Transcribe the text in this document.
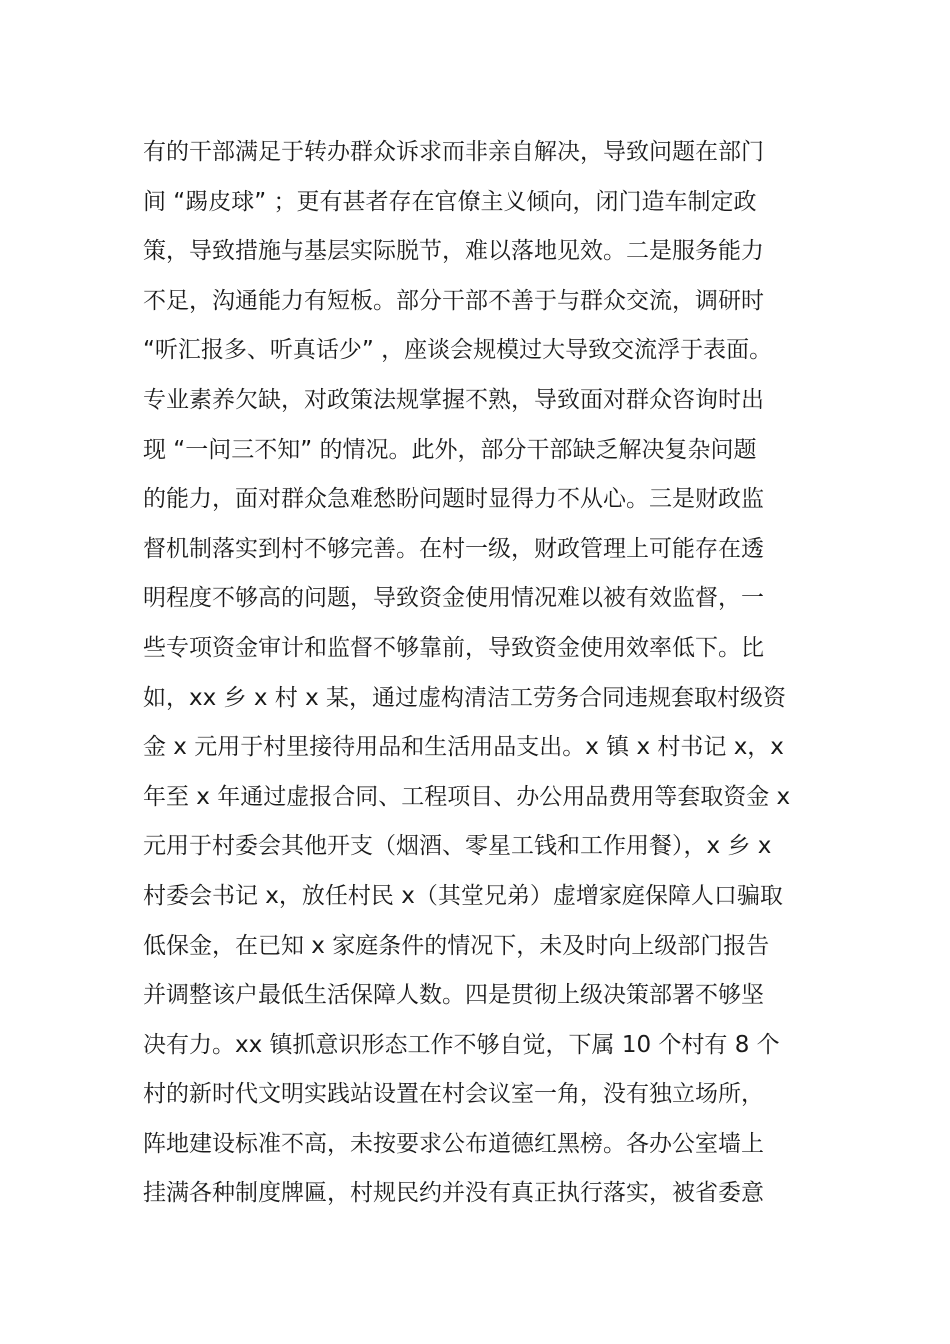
有的干部满足于转办群众诉求而非亲自解决，导致问题在部门
间 “踢皮球” ；更有甚者存在官僚主义倾向，闭门造车制定政
策，导致措施与基层实际脱节，难以落地见效。二是服务能力
不足，沟通能力有短板。部分干部不善于与群众交流，调研时
“听汇报多、听真话少” ，座谈会规模过大导致交流浮于表面。
专业素养欠缺，对政策法规掌握不熟，导致面对群众咨询时出
现 “一问三不知” 的情况。此外，部分干部缺乏解决复杂问题
的能力，面对群众急难愁盼问题时显得力不从心。三是财政监
督机制落实到村不够完善。在村一级，财政管理上可能存在透
明程度不够高的问题，导致资金使用情况难以被有效监督，一
些专项资金审计和监督不够靠前，导致资金使用效率低下。比
如，xx 乡 x 村 x 某，通过虚构清洁工劳务合同违规套取村级资
金 x 元用于村里接待用品和生活用品支出。x 镇 x 村书记 x，x
年至 x 年通过虚报合同、工程项目、办公用品费用等套取资金 x
元用于村委会其他开支（烟酒、零星工钱和工作用餐），x 乡 x
村委会书记 x，放任村民 x（其堂兄弟）虚增家庭保障人口骗取
低保金，在已知 x 家庭条件的情况下，未及时向上级部门报告
并调整该户最低生活保障人数。四是贯彻上级决策部署不够坚
决有力。xx 镇抓意识形态工作不够自觉，下属 10 个村有 8 个
村的新时代文明实践站设置在村会议室一角，没有独立场所，
阵地建设标准不高，未按要求公布道德红黑榜。各办公室墙上
挂满各种制度牌匾，村规民约并没有真正执行落实，被省委意
